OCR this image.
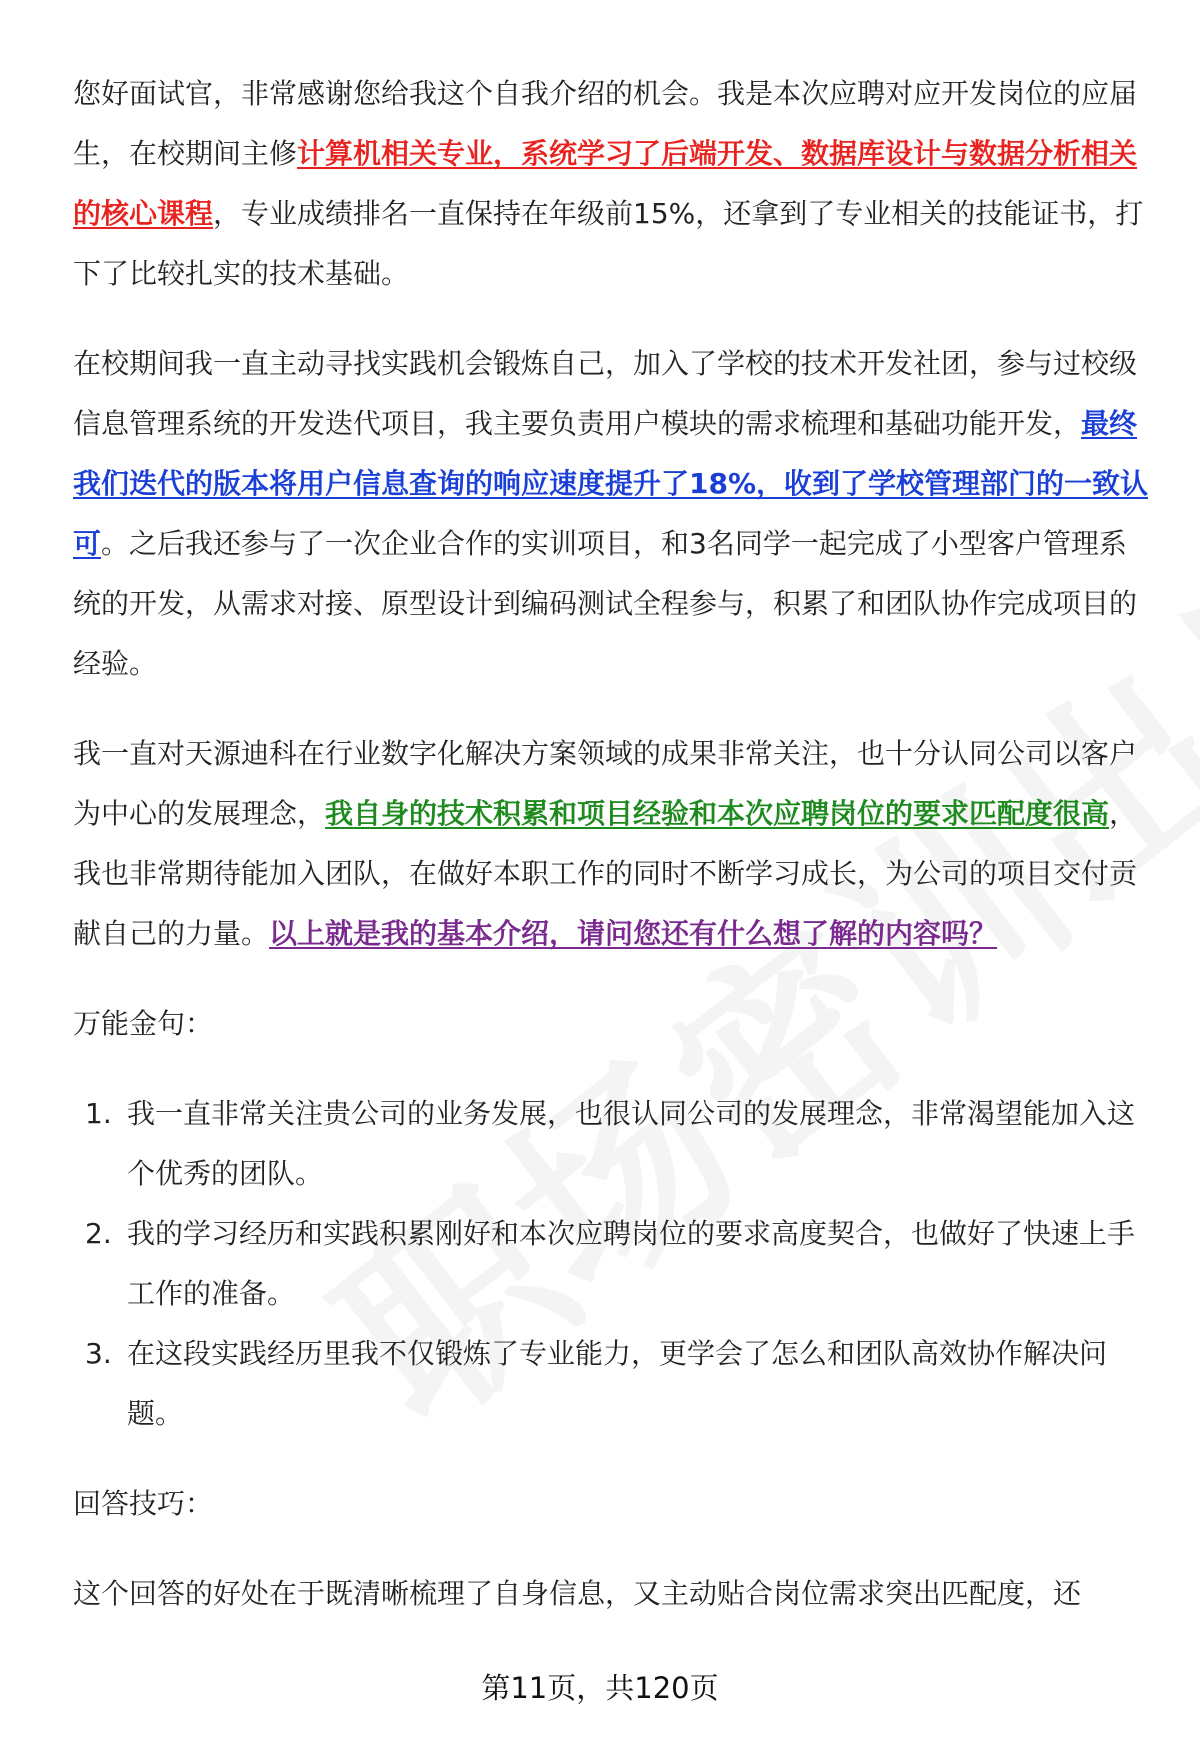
您好面试官，非常感谢您给我这个自我介绍的机会。我是本次应聘对应开发岗位的应届生，在校期间主修计算机相关专业，系统学习了后端开发、数据库设计与数据分析相关的核心课程，专业成绩排名一直保持在年级前15%，还拿到了专业相关的技能证书，打下了比较扎实的技术基础。

在校期间我一直主动寻找实践机会锻炼自己，加入了学校的技术开发社团，参与过校级信息管理系统的开发迭代项目，我主要负责用户模块的需求梳理和基础功能开发，最终我们迭代的版本将用户信息查询的响应速度提升了18%，收到了学校管理部门的一致认可。之后我还参与了一次企业合作的实训项目，和3名同学一起完成了小型客户管理系统的开发，从需求对接、原型设计到编码测试全程参与，积累了和团队协作完成项目的经验。

我一直对天源迪科在行业数字化解决方案领域的成果非常关注，也十分认同公司以客户为中心的发展理念，我自身的技术积累和项目经验和本次应聘岗位的要求匹配度很高，我也非常期待能加入团队，在做好本职工作的同时不断学习成长，为公司的项目交付贡献自己的力量。以上就是我的基本介绍，请问您还有什么想了解的内容吗？

万能金句：

1. 我一直非常关注贵公司的业务发展，也很认同公司的发展理念，非常渴望能加入这个优秀的团队。
2. 我的学习经历和实践积累刚好和本次应聘岗位的要求高度契合，也做好了快速上手工作的准备。
3. 在这段实践经历里我不仅锻炼了专业能力，更学会了怎么和团队高效协作解决问题。

回答技巧：

这个回答的好处在于既清晰梳理了自身信息，又主动贴合岗位需求突出匹配度，还

第11页，共120页
